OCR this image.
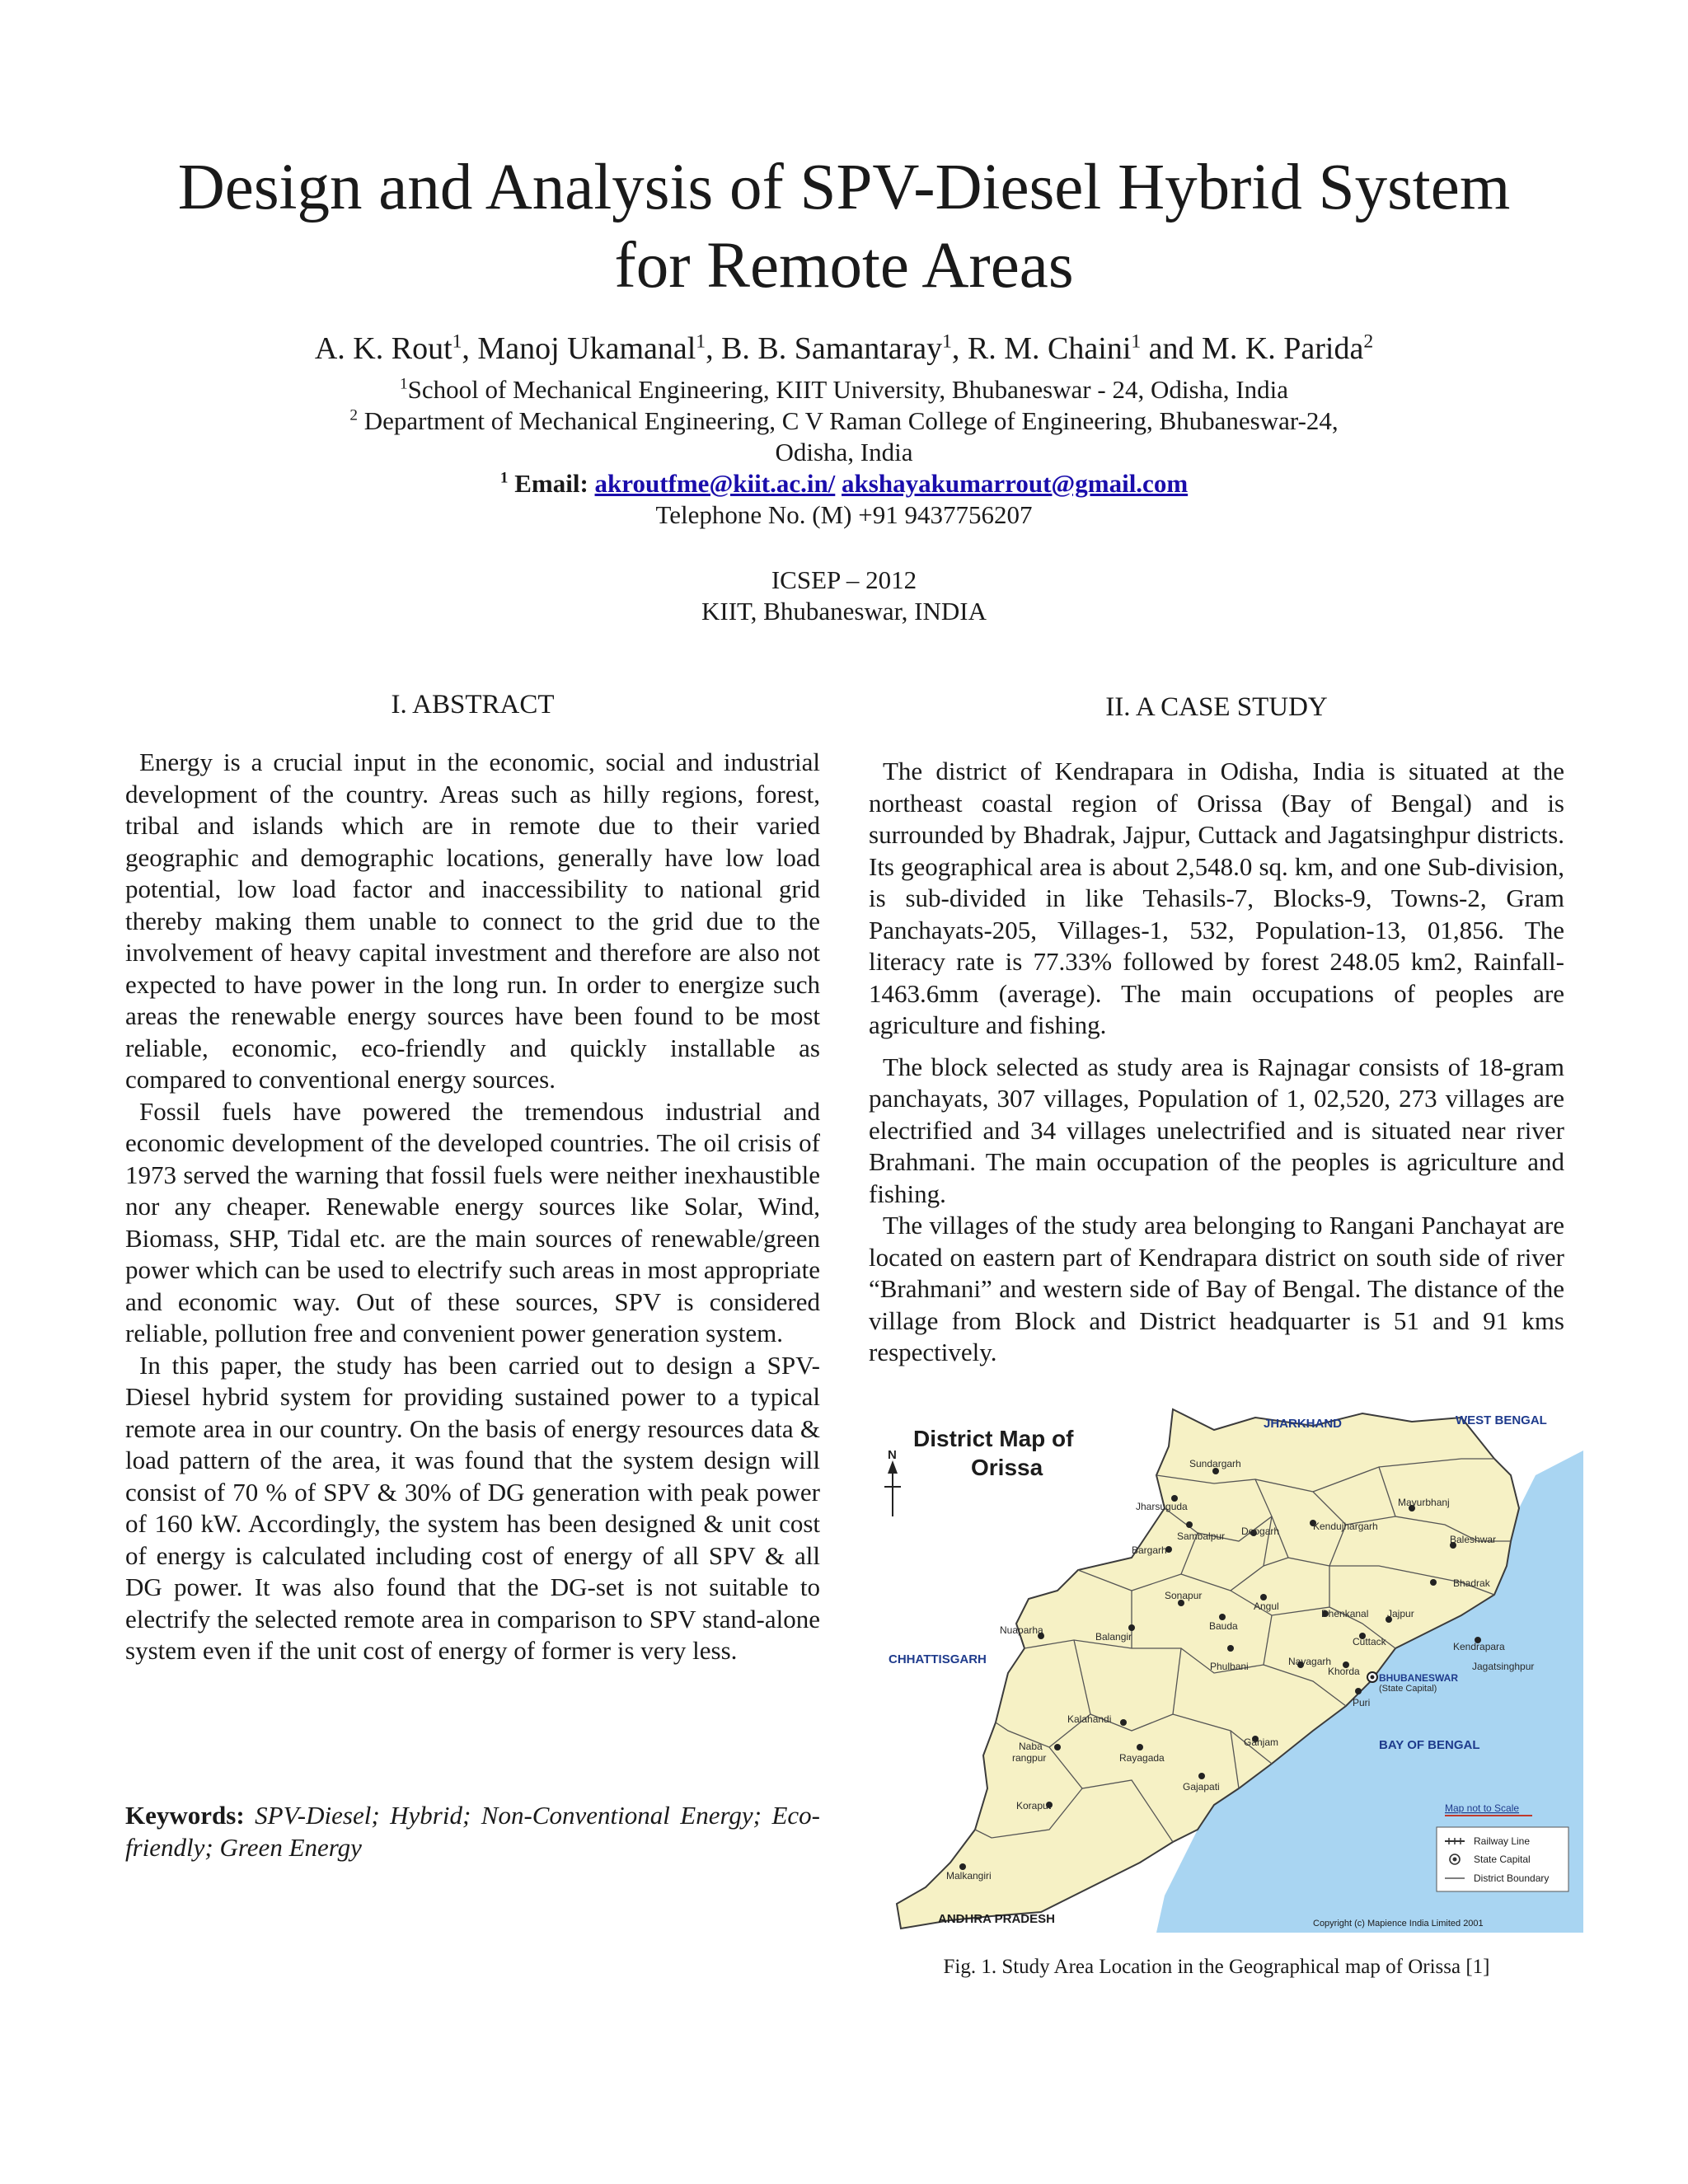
Design and Analysis of SPV-Diesel Hybrid System
for Remote Areas
A. K. Rout$^1$, Manoj Ukamanal$^1$, B. B. Samantaray$^1$, R. M. Chaini$^1$ and M. K. Parida$^2$
$^1$School of Mechanical Engineering, KIIT University, Bhubaneswar - 24, Odisha, India
$^2$ Department of Mechanical Engineering, C V Raman College of Engineering, Bhubaneswar-24,
Odisha, India
$^1$ Email: akroutfme@kiit.ac.in/ akshayakumarrout@gmail.com
Telephone No. (M) +91 9437756207
ICSEP – 2012
KIIT, Bhubaneswar, INDIA
I. ABSTRACT

Energy is a crucial input in the economic, social and industrial development of the country. Areas such as hilly regions, forest, tribal and islands which are in remote due to their varied geographic and demographic locations, generally have low load potential, low load factor and inaccessibility to national grid thereby making them unable to connect to the grid due to the involvement of heavy capital investment and therefore are also not expected to have power in the long run. In order to energize such areas the renewable energy sources have been found to be most reliable, economic, eco-friendly and quickly installable as compared to conventional energy sources.

Fossil fuels have powered the tremendous industrial and economic development of the developed countries. The oil crisis of 1973 served the warning that fossil fuels were neither inexhaustible nor any cheaper. Renewable energy sources like Solar, Wind, Biomass, SHP, Tidal etc. are the main sources of renewable/green power which can be used to electrify such areas in most appropriate and economic way. Out of these sources, SPV is considered reliable, pollution free and convenient power generation system.

In this paper, the study has been carried out to design a SPV-Diesel hybrid system for providing sustained power to a typical remote area in our country. On the basis of energy resources data & load pattern of the area, it was found that the system design will consist of 70 % of SPV & 30% of DG generation with peak power of 160 kW. Accordingly, the system has been designed & unit cost of energy is calculated including cost of energy of all SPV & all DG power. It was also found that the DG-set is not suitable to electrify the selected remote area in comparison to SPV stand-alone system even if the unit cost of energy of former is very less.

Keywords: SPV-Diesel; Hybrid; Non-Conventional Energy; Eco-friendly; Green Energy
II. A CASE STUDY

The district of Kendrapara in Odisha, India is situated at the northeast coastal region of Orissa (Bay of Bengal) and is surrounded by Bhadrak, Jajpur, Cuttack and Jagatsinghpur districts. Its geographical area is about 2,548.0 sq. km, and one Sub-division, is sub-divided in like Tehasils-7, Blocks-9, Towns-2, Gram Panchayats-205, Villages-1, 532, Population-13, 01,856. The literacy rate is 77.33% followed by forest 248.05 km2, Rainfall-1463.6mm (average). The main occupations of peoples are agriculture and fishing.

The block selected as study area is Rajnagar consists of 18-gram panchayats, 307 villages, Population of 1, 02,520, 273 villages are electrified and 34 villages unelectrified and is situated near river Brahmani. The main occupation of the peoples is agriculture and fishing.

The villages of the study area belonging to Rangani Panchayat are located on eastern part of Kendrapara district on south side of river “Brahmani” and western side of Bay of Bengal. The distance of the village from Block and District headquarter is 51 and 91 kms respectively.

N
District Map of
Orissa
JHARKHAND	WEST BENGAL
CHHATTISGARH
BAY OF BENGAL
ANDHRA PRADESH
Sundargarh
Jharsuguda
Sambalpur
Bargarh
Deogarh	Kendujhargarh
Mayurbhanj
Baleshwar
Bhadrak
Sonapur
Bauda
Angul
Dhenkanal Jajpur
Cuttack	Kendrapara
Jagatsinghpur
Nuaparha
Balangir
Phulbani	Nayagarh
Khorda
BHUBANESWAR
(State Capital)
Puri
Kalahandi
Naba
rangpur	Rayagada
Ganjam
Gajapati
Koraput
Malkangiri
Map not to Scale
Railway Line
State Capital
District Boundary
Copyright (c) Mapience India Limited 2001
Fig. 1. Study Area Location in the Geographical map of Orissa [1]
